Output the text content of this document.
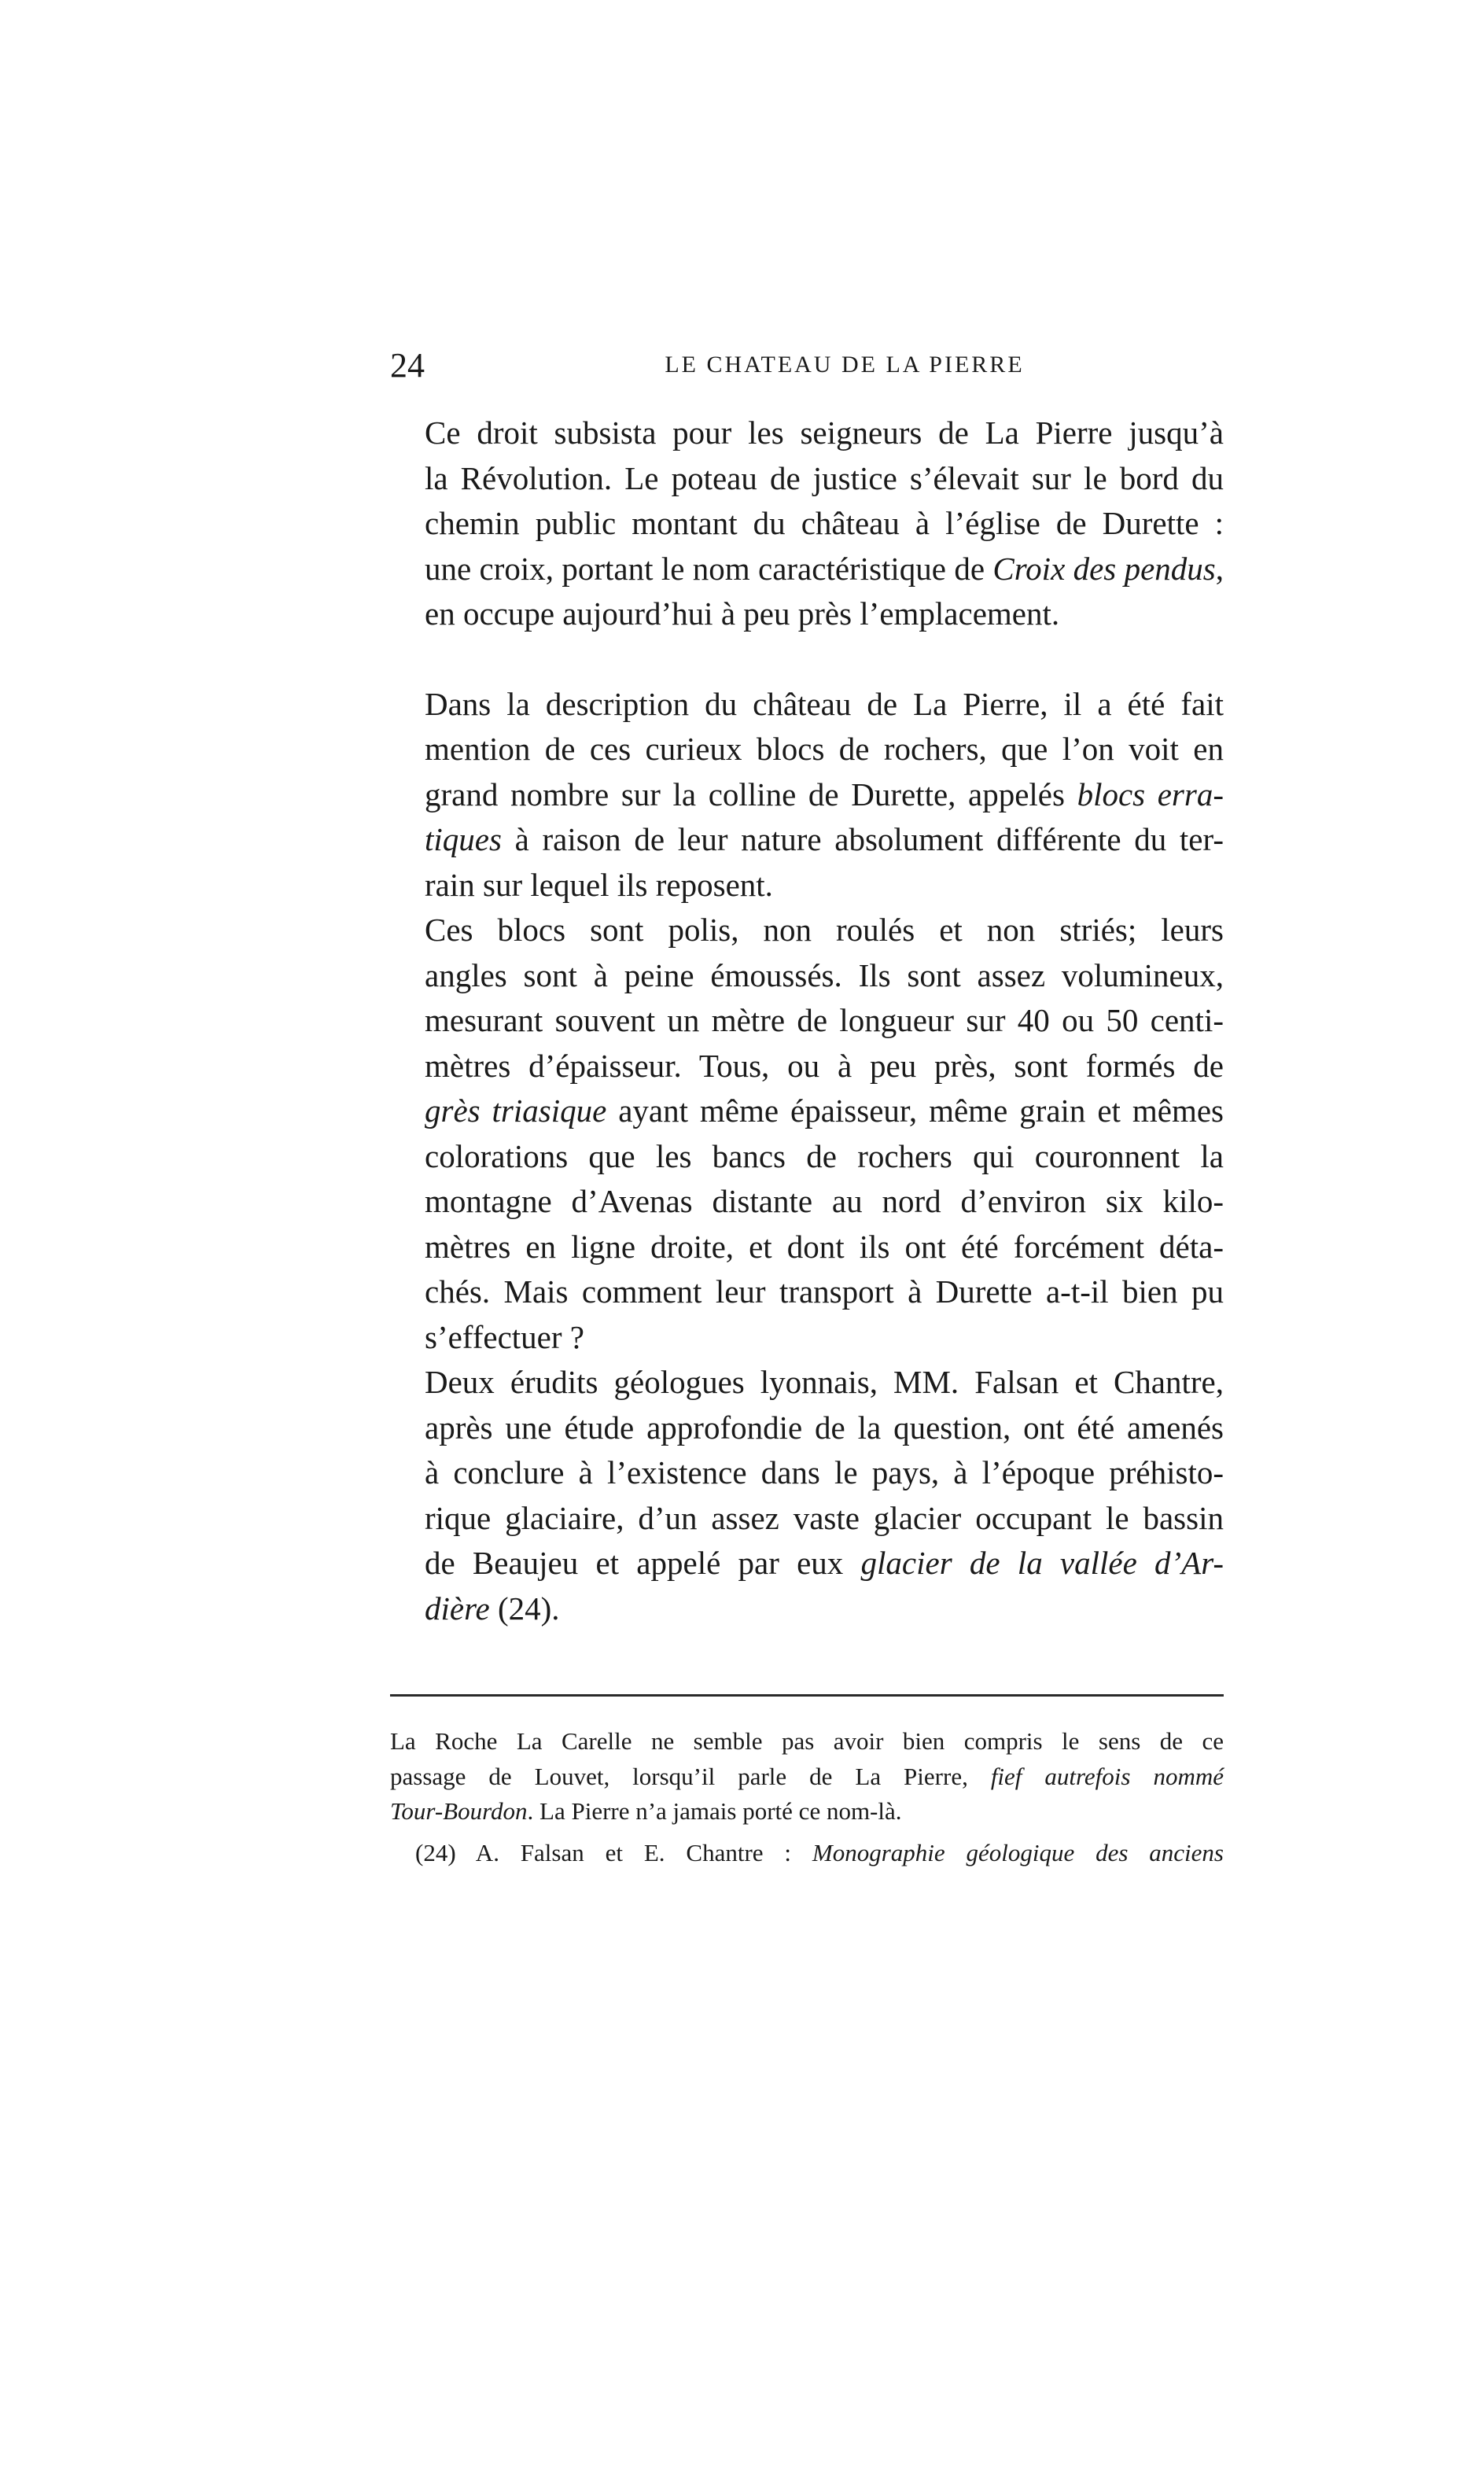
24	LE CHATEAU DE LA PIERRE

Ce droit subsista pour les seigneurs de La Pierre jusqu’à
la Révolution. Le poteau de justice s’élevait sur le bord du
chemin public montant du château à l’église de Durette :
une croix, portant le nom caractéristique de Croix des pendus,
en occupe aujourd’hui à peu près l’emplacement.

Dans la description du château de La Pierre, il a été fait
mention de ces curieux blocs de rochers, que l’on voit en
grand nombre sur la colline de Durette, appelés blocs erra-
tiques à raison de leur nature absolument différente du ter-
rain sur lequel ils reposent.

Ces blocs sont polis, non roulés et non striés; leurs
angles sont à peine émoussés. Ils sont assez volumineux,
mesurant souvent un mètre de longueur sur 40 ou 50 centi-
mètres d’épaisseur. Tous, ou à peu près, sont formés de
grès triasique ayant même épaisseur, même grain et mêmes
colorations que les bancs de rochers qui couronnent la
montagne d’Avenas distante au nord d’environ six kilo-
mètres en ligne droite, et dont ils ont été forcément déta-
chés. Mais comment leur transport à Durette a-t-il bien pu
s’effectuer ?

Deux érudits géologues lyonnais, MM. Falsan et Chantre,
après une étude approfondie de la question, ont été amenés
à conclure à l’existence dans le pays, à l’époque préhisto-
rique glaciaire, d’un assez vaste glacier occupant le bassin
de Beaujeu et appelé par eux glacier de la vallée d’Ar-
dière (24).

La Roche La Carelle ne semble pas avoir bien compris le sens de ce
passage de Louvet, lorsqu’il parle de La Pierre, fief autrefois nommé
Tour-Bourdon. La Pierre n’a jamais porté ce nom-là.

(24) A. Falsan et E. Chantre : Monographie géologique des anciens
